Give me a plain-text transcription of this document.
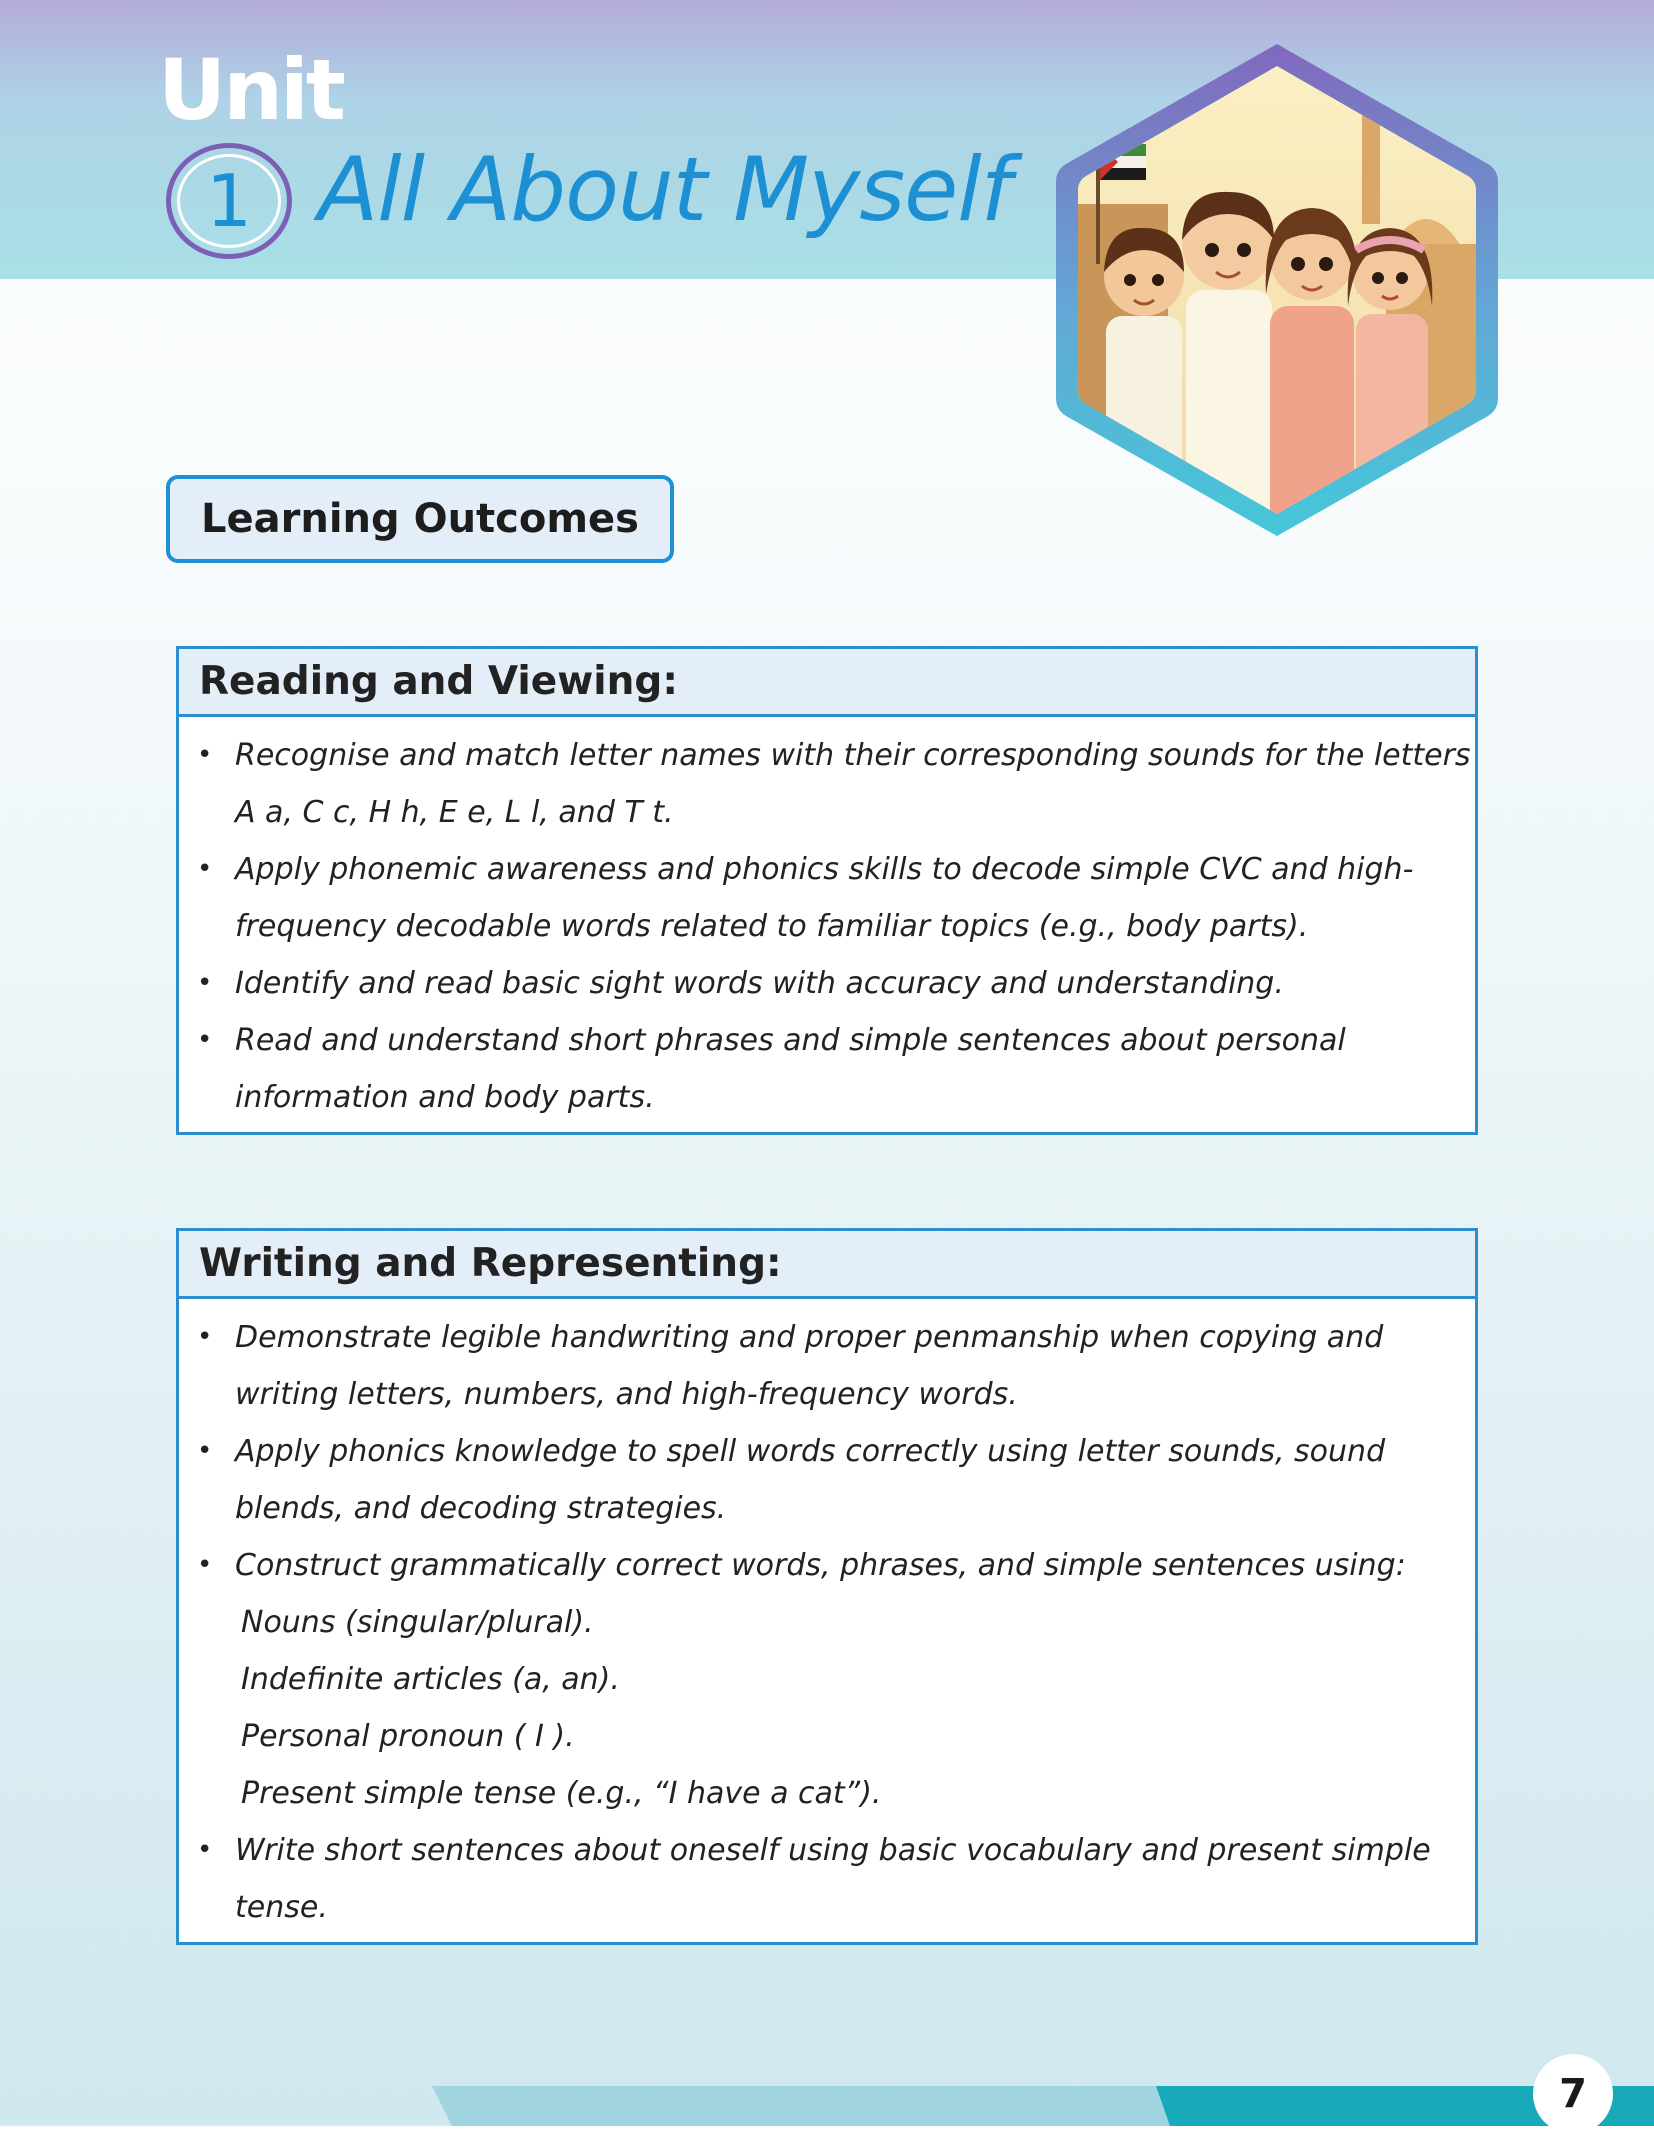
Unit
1 All About Myself
Learning Outcomes
Reading and Viewing:
• Recognise and match letter names with their corresponding sounds for the letters
A a, C c, H h, E e, L l, and T t.
• Apply phonemic awareness and phonics skills to decode simple CVC and high-
frequency decodable words related to familiar topics (e.g., body parts).
• Identify and read basic sight words with accuracy and understanding.
• Read and understand short phrases and simple sentences about personal
information and body parts.
Writing and Representing:
• Demonstrate legible handwriting and proper penmanship when copying and
writing letters, numbers, and high-frequency words.
• Apply phonics knowledge to spell words correctly using letter sounds, sound
blends, and decoding strategies.
• Construct grammatically correct words, phrases, and simple sentences using:
Nouns (singular/plural).
Indefinite articles (a, an).
Personal pronoun ( I ).
Present simple tense (e.g., “I have a cat”).
• Write short sentences about oneself using basic vocabulary and present simple
tense.
7
